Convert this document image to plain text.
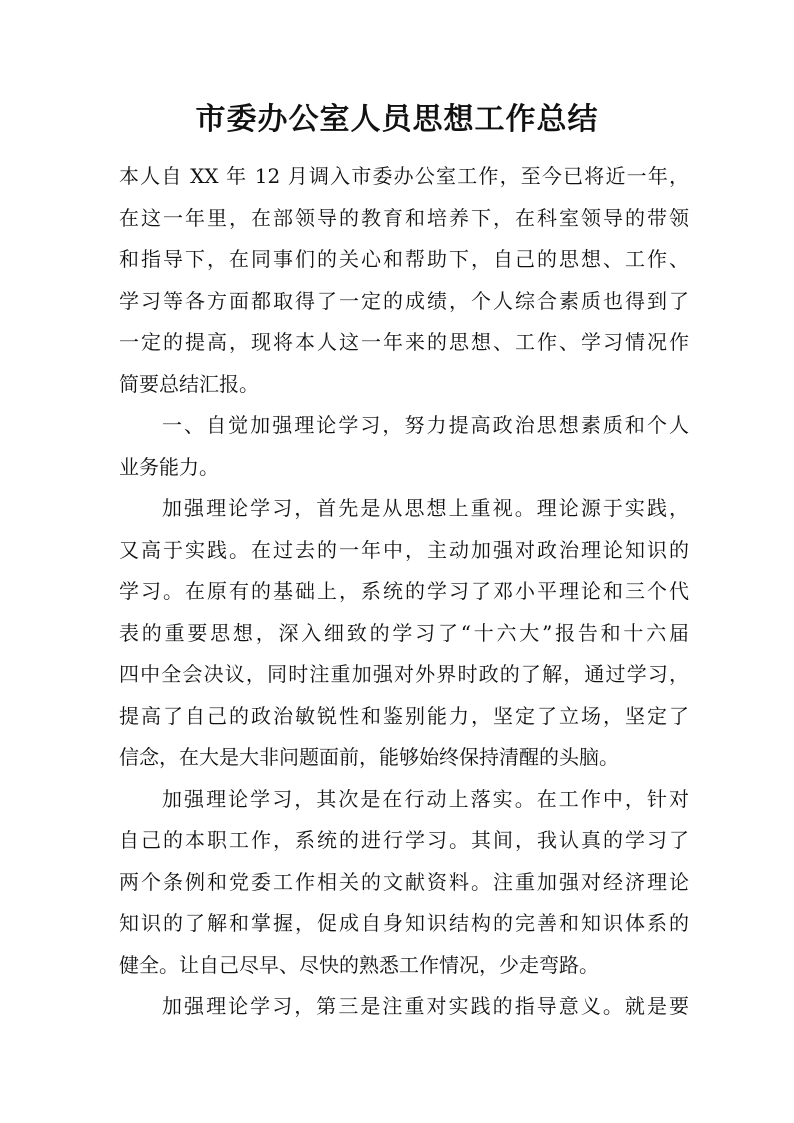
市委办公室人员思想工作总结
本人自 XX 年 12 月调入市委办公室工作，至今已将近一年，
在这一年里，在部领导的教育和培养下，在科室领导的带领
和指导下，在同事们的关心和帮助下，自己的思想、工作、
学习等各方面都取得了一定的成绩，个人综合素质也得到了
一定的提高，现将本人这一年来的思想、工作、学习情况作
简要总结汇报。
一、自觉加强理论学习，努力提高政治思想素质和个人
业务能力。
加强理论学习，首先是从思想上重视。理论源于实践，
又高于实践。在过去的一年中，主动加强对政治理论知识的
学习。在原有的基础上，系统的学习了邓小平理论和三个代
表的重要思想，深入细致的学习了“十六大”报告和十六届
四中全会决议，同时注重加强对外界时政的了解，通过学习，
提高了自己的政治敏锐性和鉴别能力，坚定了立场，坚定了
信念，在大是大非问题面前，能够始终保持清醒的头脑。
加强理论学习，其次是在行动上落实。在工作中，针对
自己的本职工作，系统的进行学习。其间，我认真的学习了
两个条例和党委工作相关的文献资料。注重加强对经济理论
知识的了解和掌握，促成自身知识结构的完善和知识体系的
健全。让自己尽早、尽快的熟悉工作情况，少走弯路。
加强理论学习，第三是注重对实践的指导意义。就是要
